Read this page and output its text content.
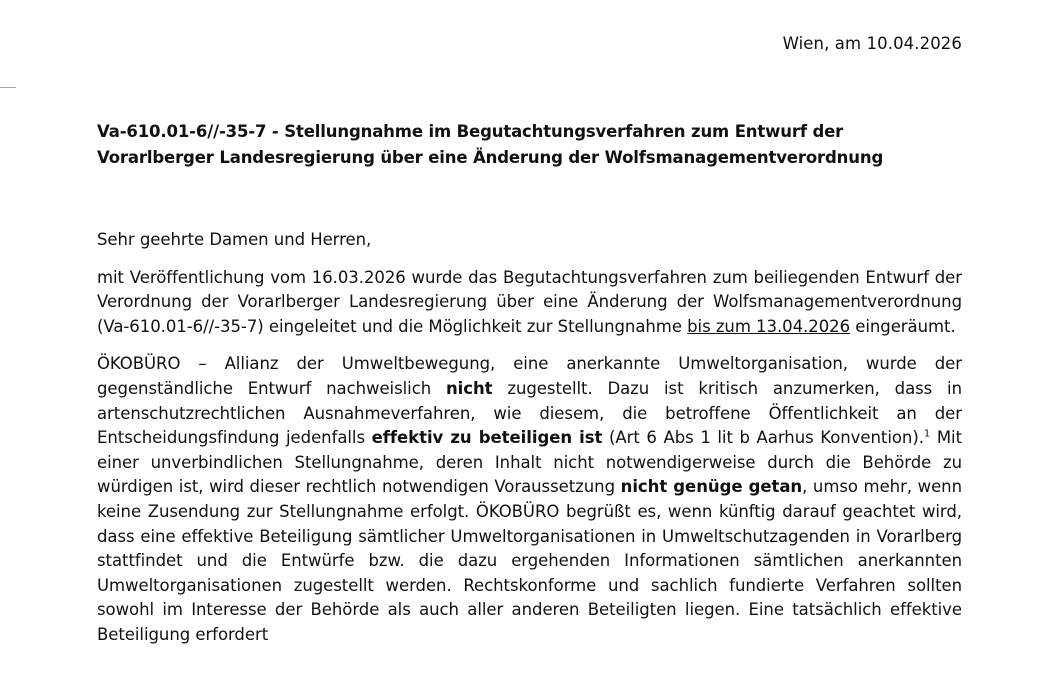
Wien, am 10.04.2026
Va-610.01-6//-35-7 - Stellungnahme im Begutachtungsverfahren zum Entwurf der
Vorarlberger Landesregierung über eine Änderung der Wolfsmanagementverordnung

Sehr geehrte Damen und Herren,

mit Veröffentlichung vom 16.03.2026 wurde das Begutachtungsverfahren zum beiliegenden Entwurf der Verordnung der Vorarlberger Landesregierung über eine Änderung der Wolfsmanagementverordnung (Va-610.01-6//-35-7) eingeleitet und die Möglichkeit zur Stellungnahme bis zum 13.04.2026 eingeräumt.

ÖKOBÜRO – Allianz der Umweltbewegung, eine anerkannte Umweltorganisation, wurde der gegenständliche Entwurf nachweislich nicht zugestellt. Dazu ist kritisch anzumerken, dass in artenschutzrechtlichen Ausnahmeverfahren, wie diesem, die betroffene Öffentlichkeit an der Entscheidungsfindung jedenfalls effektiv zu beteiligen ist (Art 6 Abs 1 lit b Aarhus Konvention).$^1$ Mit einer unverbindlichen Stellungnahme, deren Inhalt nicht notwendigerweise durch die Behörde zu würdigen ist, wird dieser rechtlich notwendigen Voraussetzung nicht genüge getan, umso mehr, wenn keine Zusendung zur Stellungnahme erfolgt. ÖKOBÜRO begrüßt es, wenn künftig darauf geachtet wird, dass eine effektive Beteiligung sämtlicher Umweltorganisationen in Umweltschutzagenden in Vorarlberg stattfindet und die Entwürfe bzw. die dazu ergehenden Informationen sämtlichen anerkannten Umweltorganisationen zugestellt werden. Rechtskonforme und sachlich fundierte Verfahren sollten sowohl im Interesse der Behörde als auch aller anderen Beteiligten liegen. Eine tatsächlich effektive Beteiligung erfordert
